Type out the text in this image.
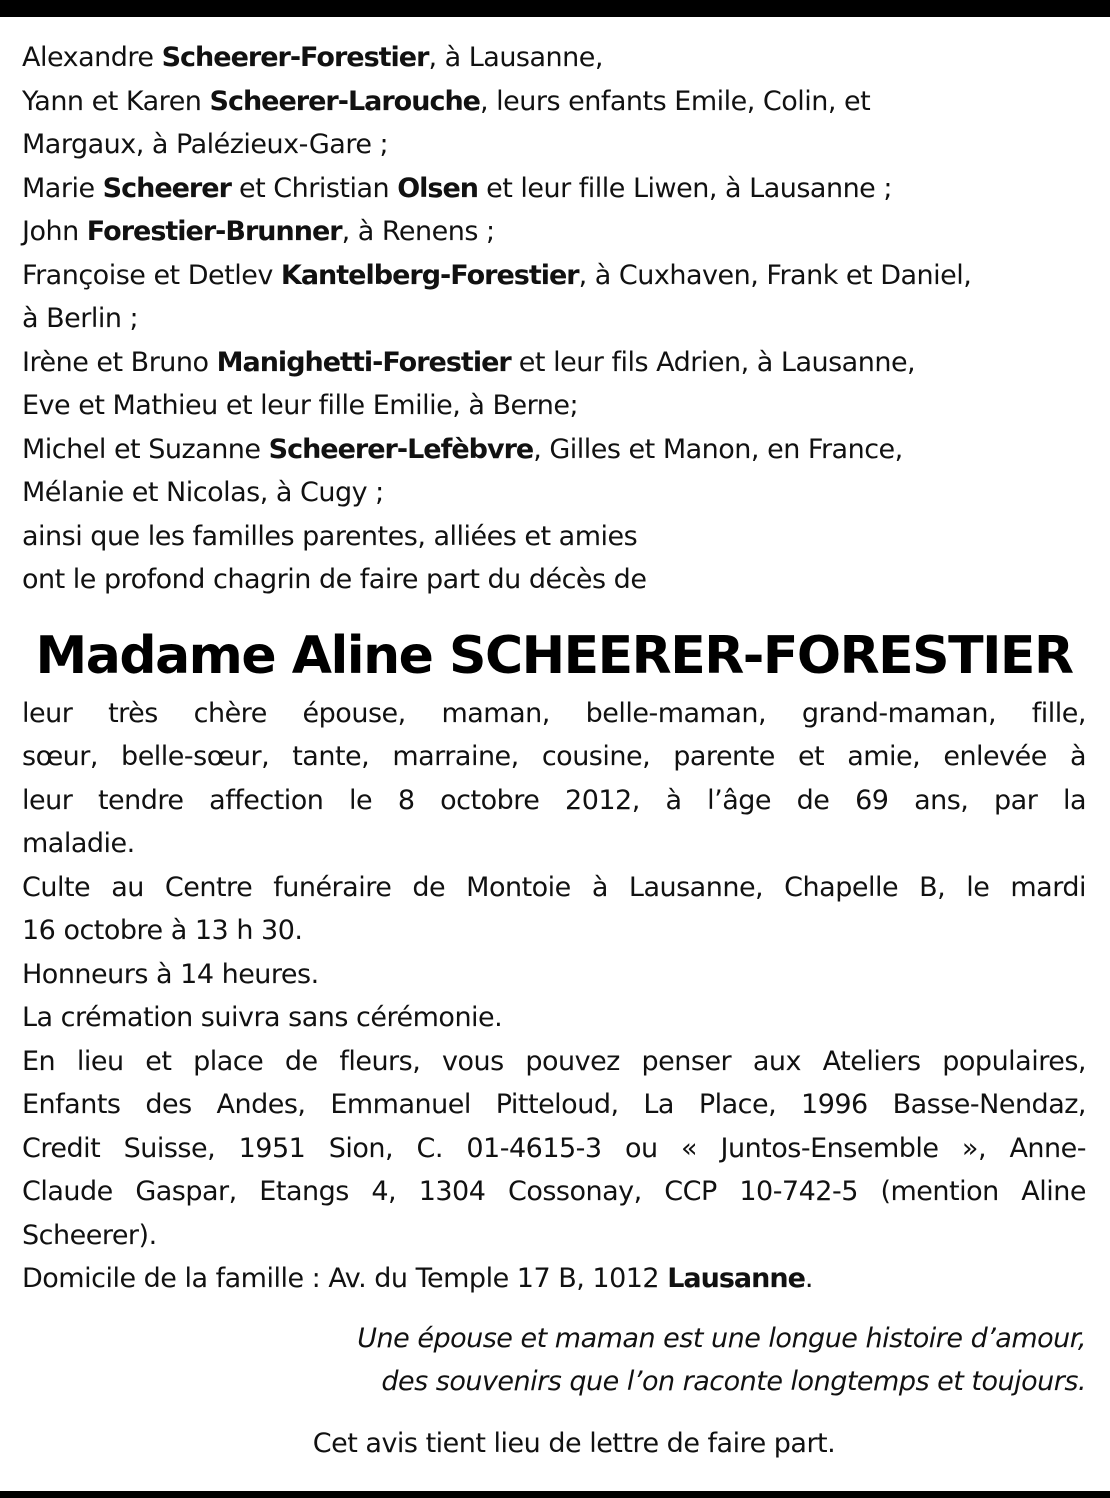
Alexandre Scheerer-Forestier, à Lausanne,
Yann et Karen Scheerer-Larouche, leurs enfants Emile, Colin, et
Margaux, à Palézieux-Gare ;
Marie Scheerer et Christian Olsen et leur fille Liwen, à Lausanne ;
John Forestier-Brunner, à Renens ;
Françoise et Detlev Kantelberg-Forestier, à Cuxhaven, Frank et Daniel,
à Berlin ;
Irène et Bruno Manighetti-Forestier et leur fils Adrien, à Lausanne,
Eve et Mathieu et leur fille Emilie, à Berne;
Michel et Suzanne Scheerer-Lefèbvre, Gilles et Manon, en France,
Mélanie et Nicolas, à Cugy ;
ainsi que les familles parentes, alliées et amies
ont le profond chagrin de faire part du décès de
Madame Aline SCHEERER-FORESTIER
leur très chère épouse, maman, belle-maman, grand-maman, fille,
sœur, belle-sœur, tante, marraine, cousine, parente et amie, enlevée à
leur tendre affection le 8 octobre 2012, à l’âge de 69 ans, par la
maladie.
Culte au Centre funéraire de Montoie à Lausanne, Chapelle B, le mardi
16 octobre à 13 h 30.
Honneurs à 14 heures.
La crémation suivra sans cérémonie.
En lieu et place de fleurs, vous pouvez penser aux Ateliers populaires,
Enfants des Andes, Emmanuel Pitteloud, La Place, 1996 Basse-Nendaz,
Credit Suisse, 1951 Sion, C. 01-4615-3 ou « Juntos-Ensemble », Anne-
Claude Gaspar, Etangs 4, 1304 Cossonay, CCP 10-742-5 (mention Aline
Scheerer).
Domicile de la famille : Av. du Temple 17 B, 1012 Lausanne.
Une épouse et maman est une longue histoire d’amour,
des souvenirs que l’on raconte longtemps et toujours.
Cet avis tient lieu de lettre de faire part.
